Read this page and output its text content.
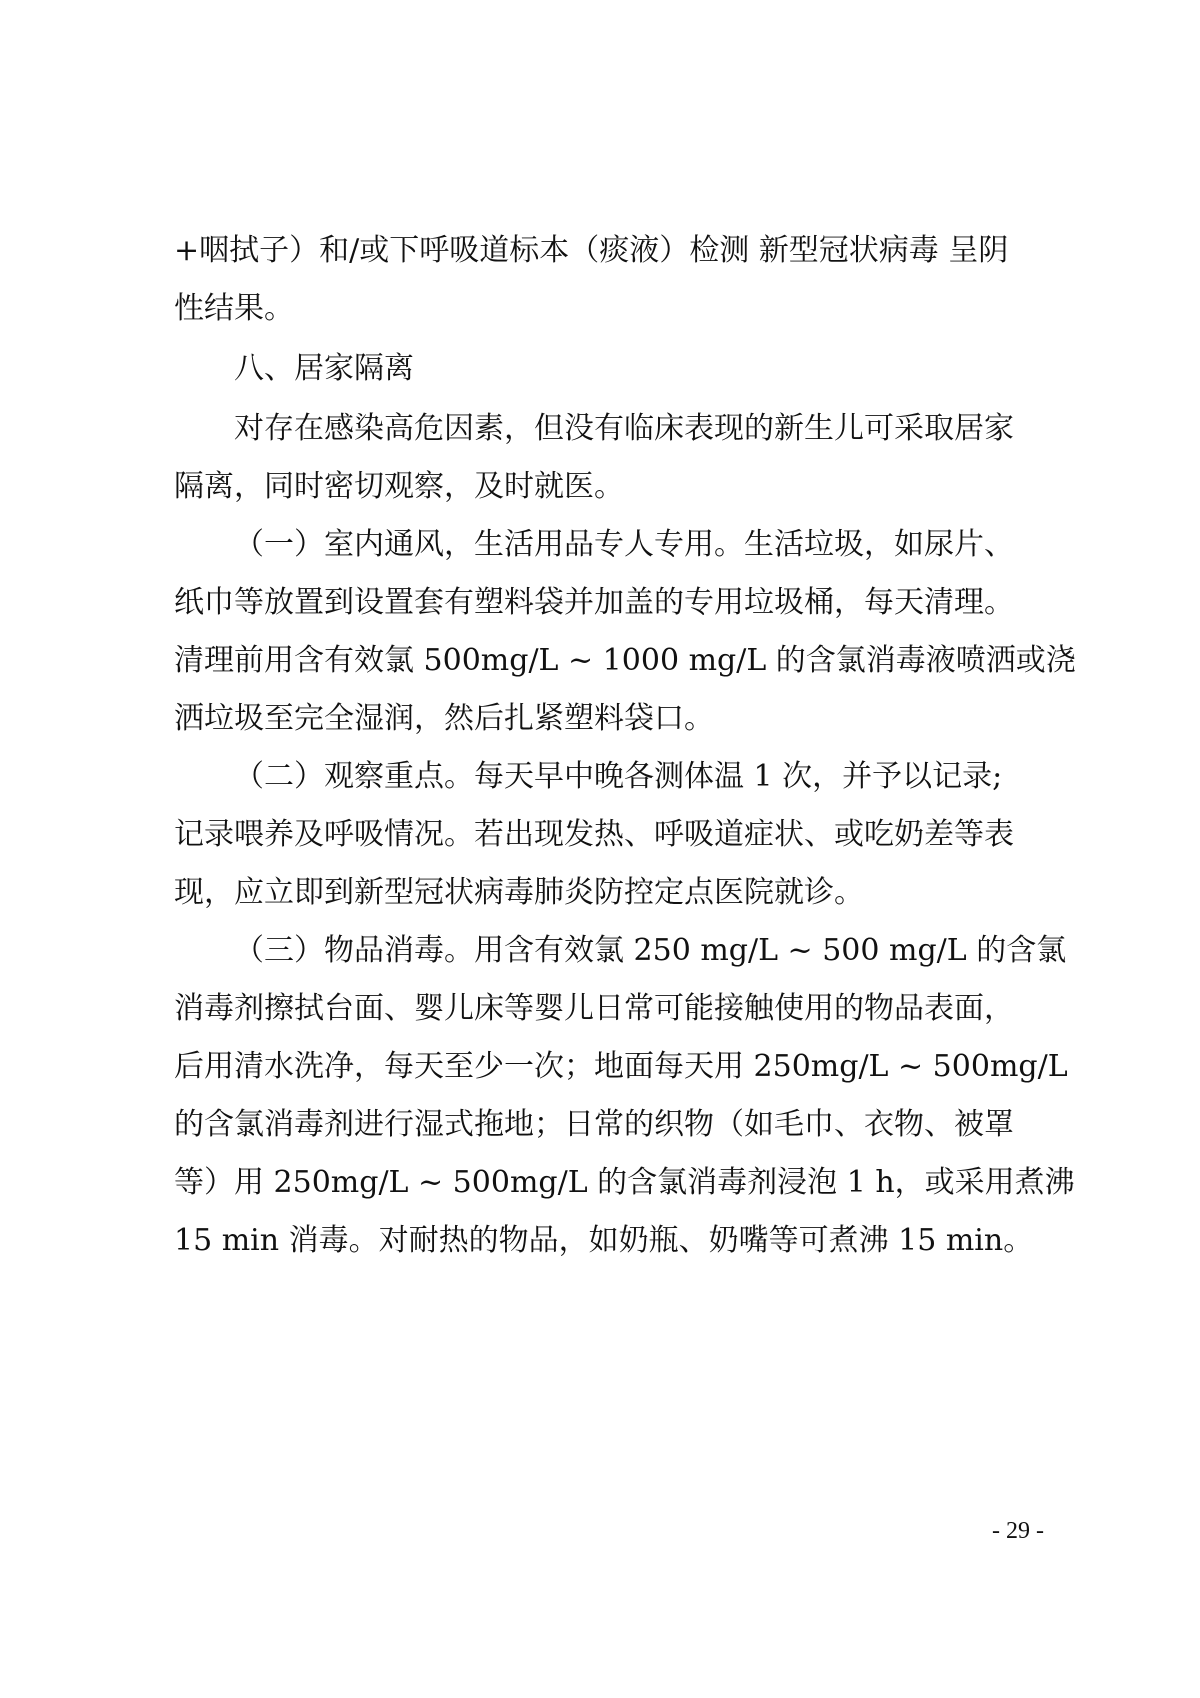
+咽拭子）和/或下呼吸道标本（痰液）检测 新型冠状病毒 呈阴
性结果。
八、居家隔离
对存在感染高危因素，但没有临床表现的新生儿可采取居家
隔离，同时密切观察，及时就医。
（一）室内通风，生活用品专人专用。生活垃圾，如尿片、
纸巾等放置到设置套有塑料袋并加盖的专用垃圾桶，每天清理。
清理前用含有效氯 500mg/L ~ 1000 mg/L 的含氯消毒液喷洒或浇
洒垃圾至完全湿润，然后扎紧塑料袋口。
（二）观察重点。每天早中晚各测体温 1 次，并予以记录;
记录喂养及呼吸情况。若出现发热、呼吸道症状、或吃奶差等表
现，应立即到新型冠状病毒肺炎防控定点医院就诊。
（三）物品消毒。用含有效氯 250 mg/L ~ 500 mg/L 的含氯
消毒剂擦拭台面、婴儿床等婴儿日常可能接触使用的物品表面，
后用清水洗净，每天至少一次；地面每天用 250mg/L ~ 500mg/L
的含氯消毒剂进行湿式拖地；日常的织物（如毛巾、衣物、被罩
等）用 250mg/L ~ 500mg/L 的含氯消毒剂浸泡 1 h，或采用煮沸
15 min 消毒。对耐热的物品，如奶瓶、奶嘴等可煮沸 15 min。
- 29 -
